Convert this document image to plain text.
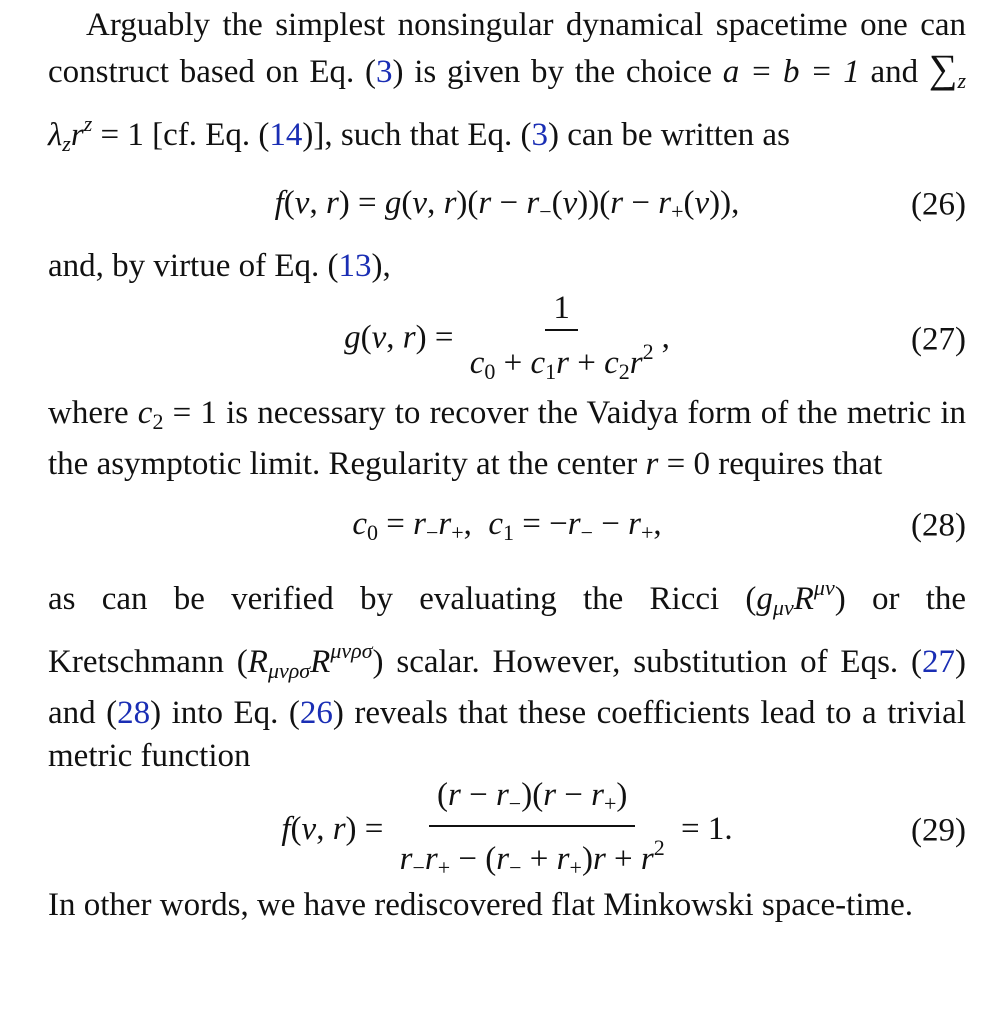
Arguably the simplest nonsingular dynamical spacetime one can construct based on Eq. (3) is given by the choice a = b = 1 and $\sum_z$ $\lambda_zr^z = 1$ [cf. Eq. (14)], such that Eq. (3) can be written as

f(v, r) = g(v, $r)(r - r_-(v))(r - r_+(v))$,	(26)

and, by virtue of Eq. (13),

g(v, $r) = \frac{1}{c_0 + c_1r + c_2r^2}$ ,	(27)

where $c_2 = 1$ is necessary to recover the Vaidya form of the metric in the asymptotic limit. Regularity at the center r = 0 requires that

$c_0 = r_-r_+$,  $c_1 = -r_- - r_+$,	(28)

as can be verified by evaluating the Ricci $(g_{\mu\nu}R^{\mu\nu})$ or the Kretschmann $(R_{\mu\nu\rho\sigma}R^{\mu\nu\rho\sigma})$ scalar. However, substitution of Eqs. (27) and (28) into Eq. (26) reveals that these coefficients lead to a trivial metric function

f(v, $r) = \frac{(r - r_-)(r - r_+)}{r_-r_+ - (r_- + r_+)r + r^2} = 1$.	(29)

In other words, we have rediscovered flat Minkowski space-time.
